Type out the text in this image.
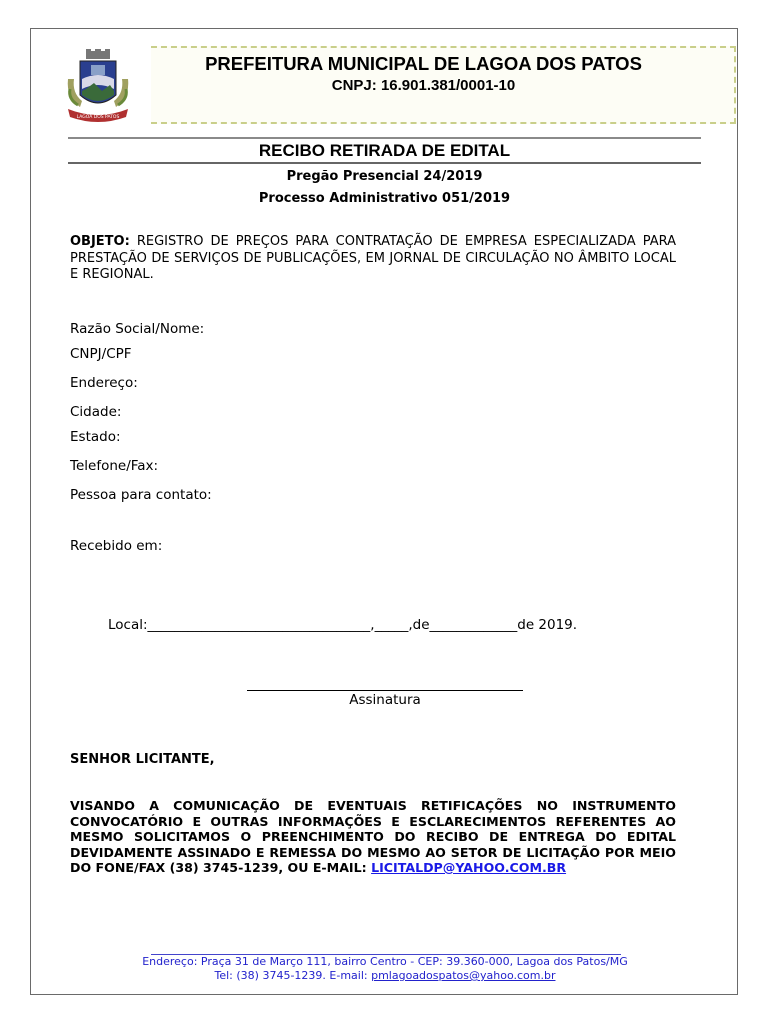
LAGOA DOS PATOS
PREFEITURA MUNICIPAL DE LAGOA DOS PATOS
CNPJ: 16.901.381/0001-10
RECIBO RETIRADA DE EDITAL
Pregão Presencial 24/2019
Processo Administrativo 051/2019
OBJETO: REGISTRO DE PREÇOS PARA CONTRATAÇÃO DE EMPRESA ESPECIALIZADA PARA PRESTAÇÃO DE SERVIÇOS DE PUBLICAÇÕES, EM JORNAL DE CIRCULAÇÃO NO ÂMBITO LOCAL E REGIONAL.
Razão Social/Nome:
CNPJ/CPF
Endereço:
Cidade:
Estado:
Telefone/Fax:
Pessoa para contato:
Recebido em:
Local:_________________________________,_____,de_____________de 2019.
Assinatura
SENHOR LICITANTE,
VISANDO A COMUNICAÇÃO DE EVENTUAIS RETIFICAÇÕES NO INSTRUMENTO CONVOCATÓRIO E OUTRAS INFORMAÇÕES E ESCLARECIMENTOS REFERENTES AO MESMO SOLICITAMOS O PREENCHIMENTO DO RECIBO DE ENTREGA DO EDITAL DEVIDAMENTE ASSINADO E REMESSA DO MESMO AO SETOR DE LICITAÇÃO POR MEIO DO FONE/FAX (38) 3745-1239, OU E-MAIL: LICITALDP@YAHOO.COM.BR
Endereço: Praça 31 de Março 111, bairro Centro - CEP: 39.360-000, Lagoa dos Patos/MG
Tel: (38) 3745-1239. E-mail: pmlagoadospatos@yahoo.com.br
